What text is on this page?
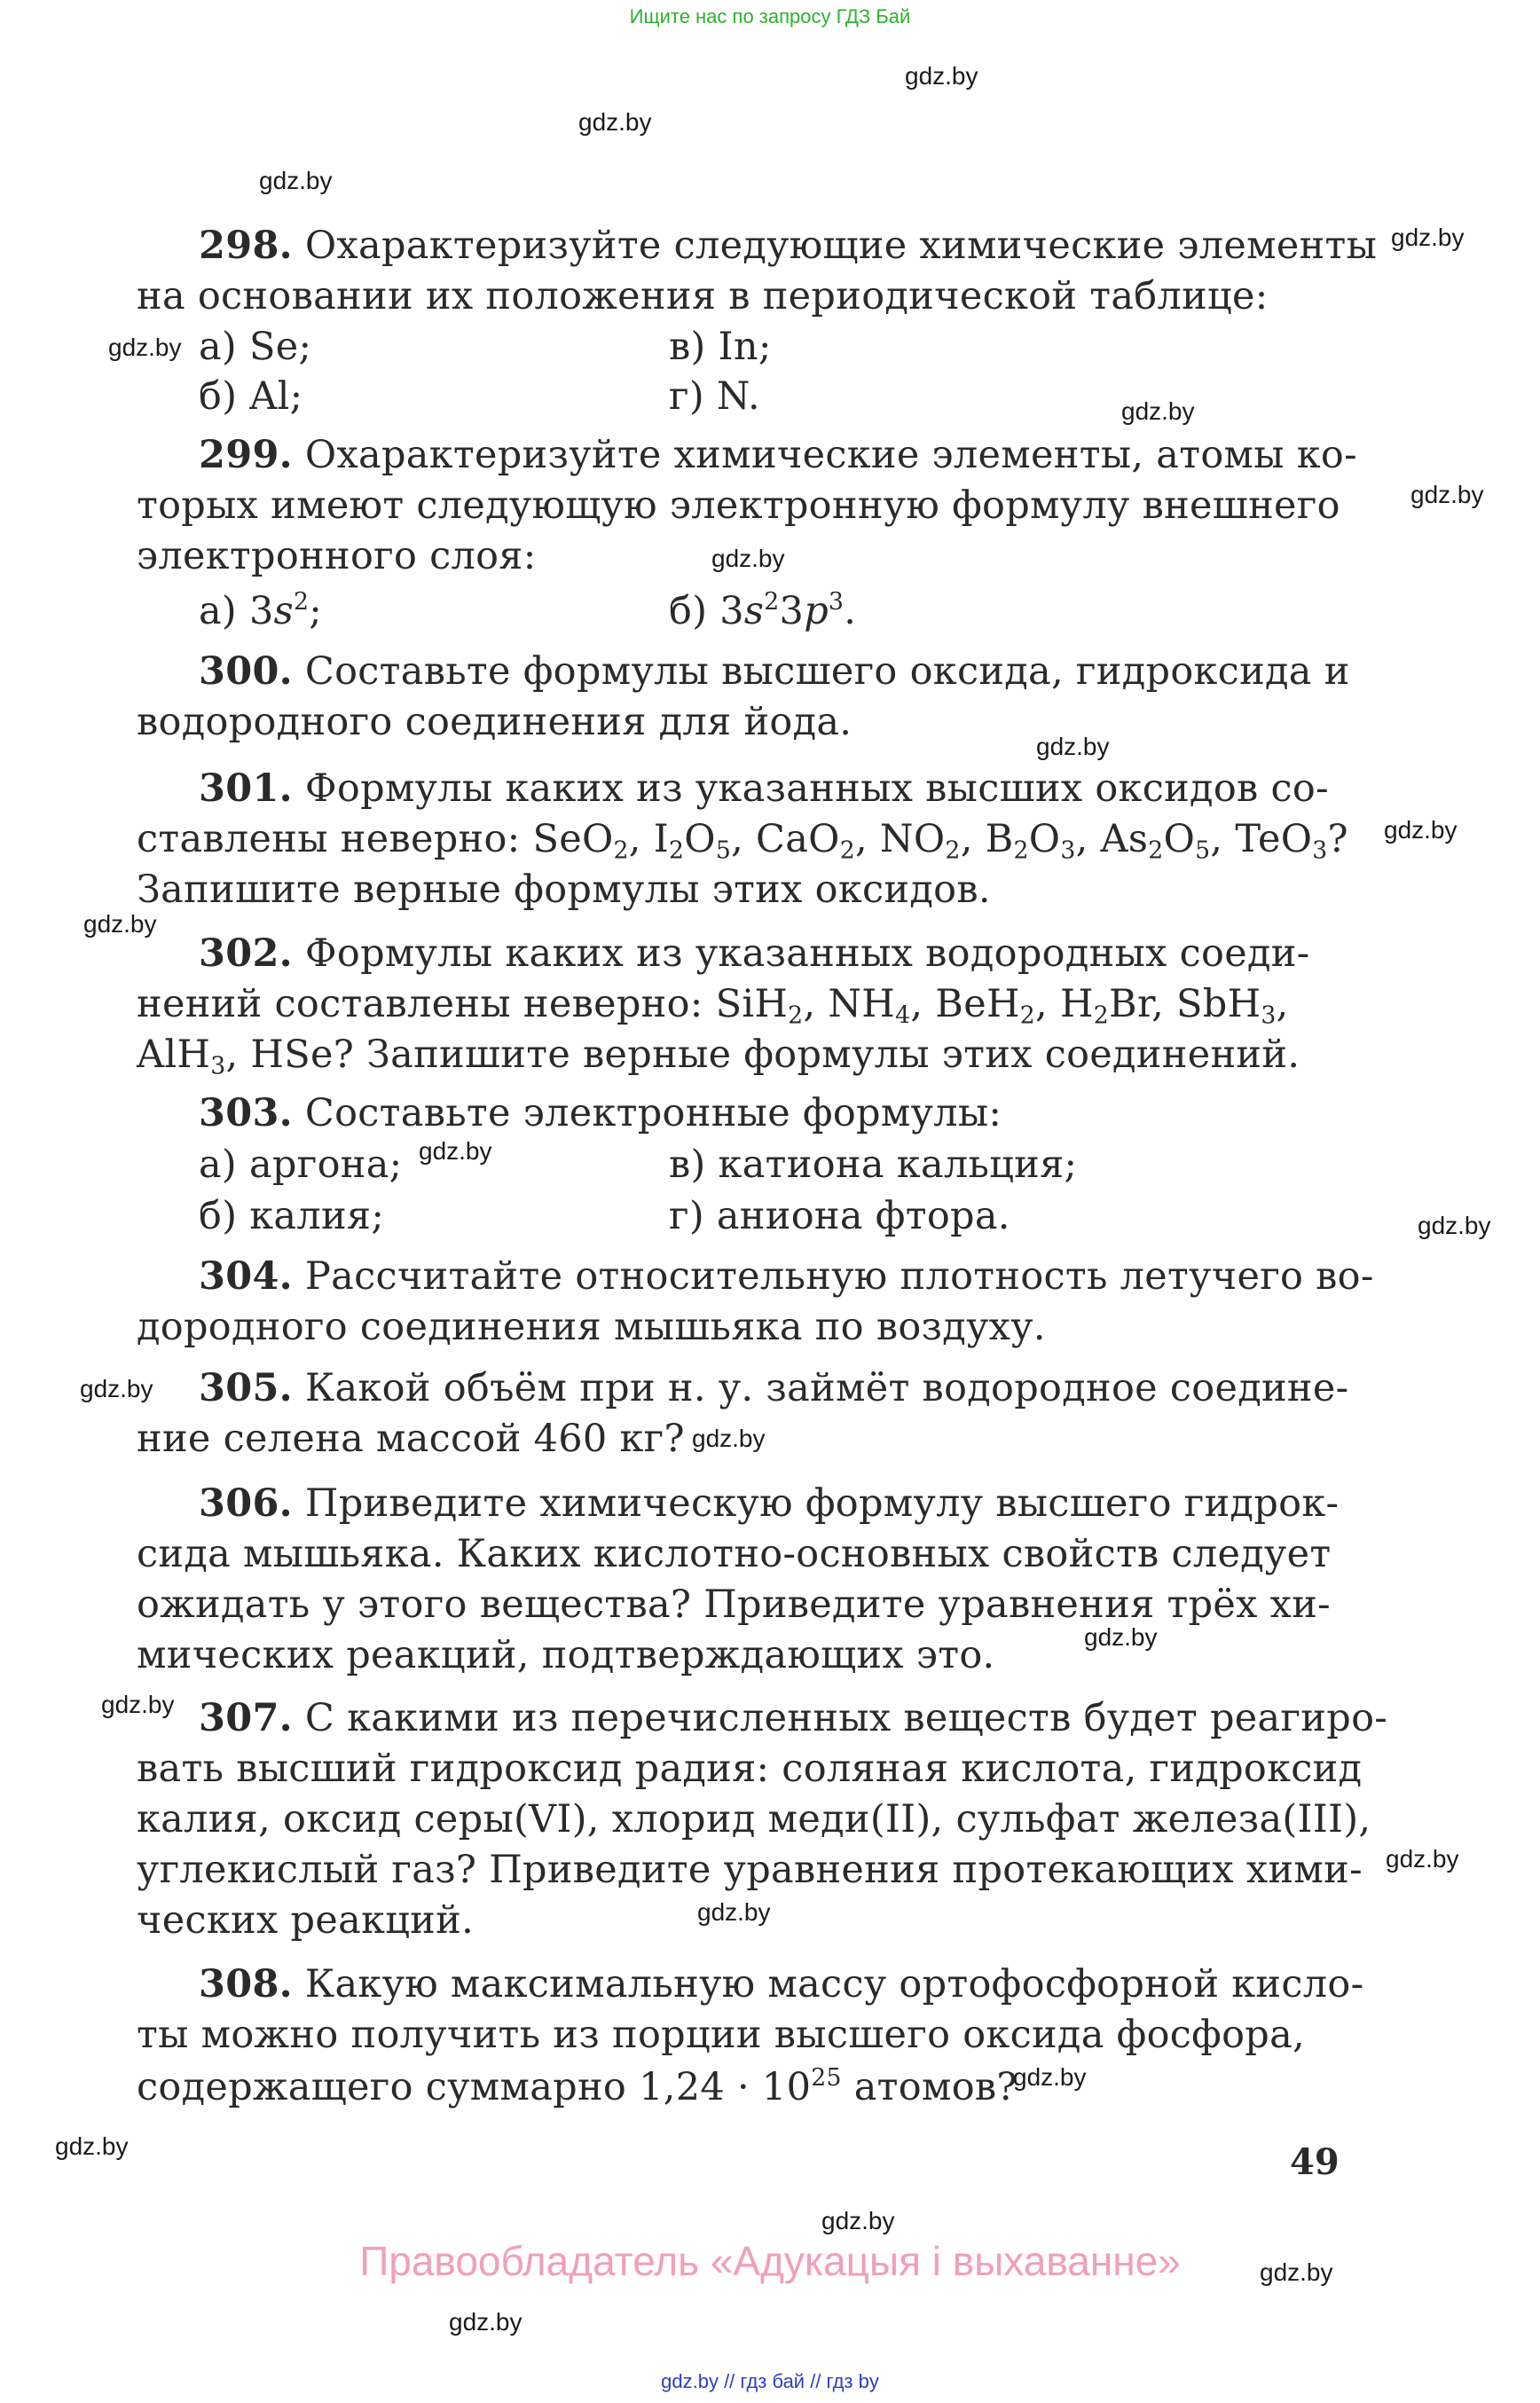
Ищите нас по запросу ГДЗ Бай
gdz.by
gdz.by
gdz.by
gdz.by
gdz.by
gdz.by
gdz.by
gdz.by
gdz.by
gdz.by
gdz.by
gdz.by
gdz.by
gdz.by
gdz.by
gdz.by
gdz.by
gdz.by
gdz.by
gdz.by
gdz.by
gdz.by
gdz.by
gdz.by
298. Охарактеризуйте следующие химические элементы
на основании их положения в периодической таблице:
а) Se;	в) In;
б) Al;	г) N.
299. Охарактеризуйте химические элементы, атомы ко-
торых имеют следующую электронную формулу внешнего
электронного слоя:
а) $3s^2$;	б) $3s^23p^3$.
300. Составьте формулы высшего оксида, гидроксида и
водородного соединения для йода.
301. Формулы каких из указанных высших оксидов со-
ставлены неверно: SeO$_2$, $I_2O_5$, CaO$_2$, $NO_2$, $B_2O_3$, $As_2O_5$, TeO$_3$?
Запишите верные формулы этих оксидов.
302. Формулы каких из указанных водородных соеди-
нений составлены неверно: SiH$_2$, $NH_4$, BeH$_2$, $H_2Br$, SbH$_3$,
AlH$_3$, HSe? Запишите верные формулы этих соединений.
303. Составьте электронные формулы:
а) аргона;	в) катиона кальция;
б) калия;	г) аниона фтора.
304. Рассчитайте относительную плотность летучего во-
дородного соединения мышьяка по воздуху.
305. Какой объём при н. у. займёт водородное соедине-
ние селена массой 460 кг?
306. Приведите химическую формулу высшего гидрок-
сида мышьяка. Каких кислотно-основных свойств следует
ожидать у этого вещества? Приведите уравнения трёх хи-
мических реакций, подтверждающих это.
307. С какими из перечисленных веществ будет реагиро-
вать высший гидроксид радия: соляная кислота, гидроксид
калия, оксид серы(VI), хлорид меди(II), сульфат железа(III),
углекислый газ? Приведите уравнения протекающих хими-
ческих реакций.
308. Какую максимальную массу ортофосфорной кисло-
ты можно получить из порции высшего оксида фосфора,
содержащего суммарно $1,24 \cdot 10^{25}$ атомов?
49
Правообладатель «Адукацыя і выхаванне»
gdz.by // гдз бай // гдз by
